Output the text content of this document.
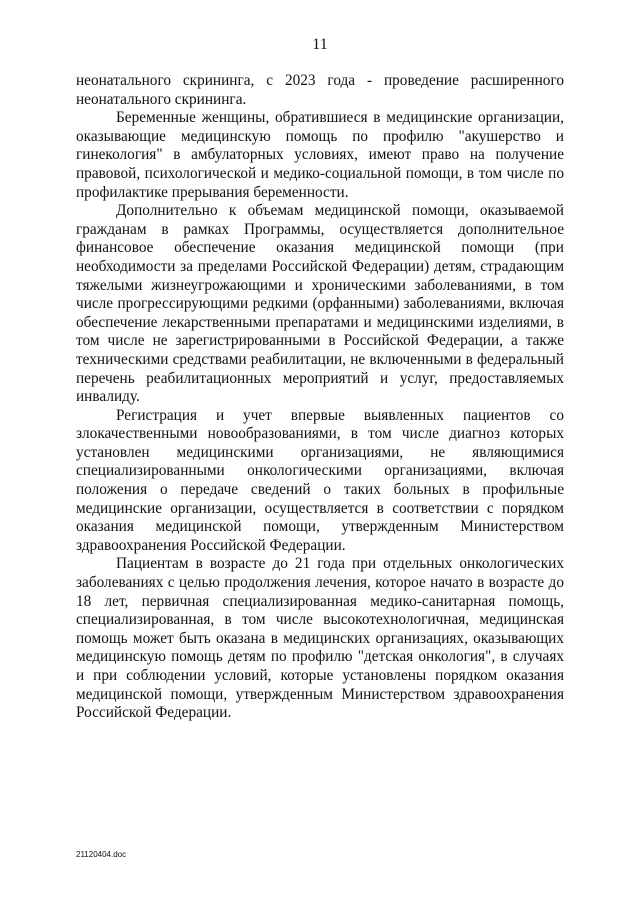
11

неонатального скрининга, с 2023 года - проведение расширенного неонатального скрининга.

Беременные женщины, обратившиеся в медицинские организации, оказывающие медицинскую помощь по профилю "акушерство и гинекология" в амбулаторных условиях, имеют право на получение правовой, психологической и медико-социальной помощи, в том числе по профилактике прерывания беременности.

Дополнительно к объемам медицинской помощи, оказываемой гражданам в рамках Программы, осуществляется дополнительное финансовое обеспечение оказания медицинской помощи (при необходимости за пределами Российской Федерации) детям, страдающим тяжелыми жизнеугрожающими и хроническими заболеваниями, в том числе прогрессирующими редкими (орфанными) заболеваниями, включая обеспечение лекарственными препаратами и медицинскими изделиями, в том числе не зарегистрированными в Российской Федерации, а также техническими средствами реабилитации, не включенными в федеральный перечень реабилитационных мероприятий и услуг, предоставляемых инвалиду.

Регистрация и учет впервые выявленных пациентов со злокачественными новообразованиями, в том числе диагноз которых установлен медицинскими организациями, не являющимися специализированными онкологическими организациями, включая положения о передаче сведений о таких больных в профильные медицинские организации, осуществляется в соответствии с порядком оказания медицинской помощи, утвержденным Министерством здравоохранения Российской Федерации.

Пациентам в возрасте до 21 года при отдельных онкологических заболеваниях с целью продолжения лечения, которое начато в возрасте до 18 лет, первичная специализированная медико-санитарная помощь, специализированная, в том числе высокотехнологичная, медицинская помощь может быть оказана в медицинских организациях, оказывающих медицинскую помощь детям по профилю "детская онкология", в случаях и при соблюдении условий, которые установлены порядком оказания медицинской помощи, утвержденным Министерством здравоохранения Российской Федерации.

21120404.doc
